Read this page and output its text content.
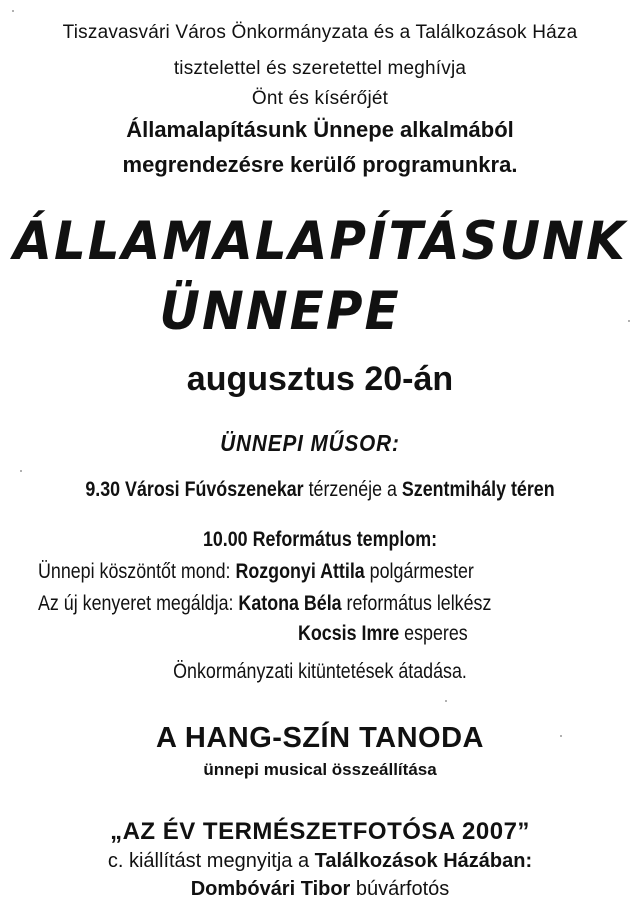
Tiszavasvári Város Önkormányzata és a Találkozások Háza
tisztelettel és szeretettel meghívja
Önt és kísérőjét
Államalapításunk Ünnepe alkalmából
megrendezésre kerülő programunkra.
ÁLLAMALAPÍTÁSUNK
ÜNNEPE
augusztus 20-án
ÜNNEPI MŰSOR:
9.30 Városi Fúvószenekar térzenéje a Szentmihály téren
10.00 Református templom:
Ünnepi köszöntőt mond: Rozgonyi Attila polgármester
Az új kenyeret megáldja: Katona Béla református lelkész
Kocsis Imre esperes
Önkormányzati kitüntetések átadása.
A HANG-SZÍN TANODA
ünnepi musical összeállítása
„AZ ÉV TERMÉSZETFOTÓSA 2007”
c. kiállítást megnyitja a Találkozások Házában:
Dombóvári Tibor búvárfotós
